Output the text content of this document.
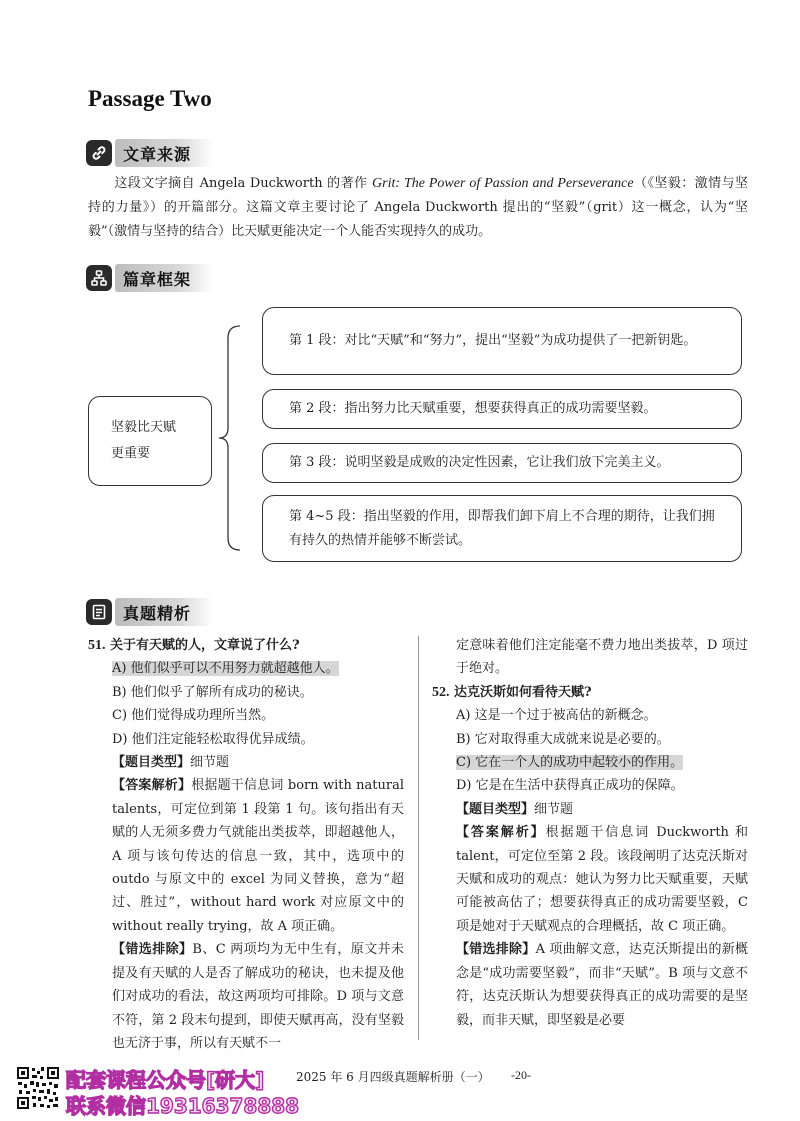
Passage Two
文章来源
这段文字摘自 Angela Duckworth 的著作 Grit: The Power of Passion and Perseverance（《坚毅：激情与坚持的力量》）的开篇部分。这篇文章主要讨论了 Angela Duckworth 提出的“坚毅”（grit）这一概念，认为“坚毅”（激情与坚持的结合）比天赋更能决定一个人能否实现持久的成功。
篇章框架
坚毅比天赋
更重要
第 1 段：对比“天赋”和“努力”，提出“坚毅”为成功提供了一把新钥匙。
第 2 段：指出努力比天赋重要，想要获得真正的成功需要坚毅。
第 3 段：说明坚毅是成败的决定性因素，它让我们放下完美主义。
第 4~5 段：指出坚毅的作用，即帮我们卸下肩上不合理的期待，让我们拥有持久的热情并能够不断尝试。
真题精析
51. 关于有天赋的人，文章说了什么?
A) 他们似乎可以不用努力就超越他人。
B) 他们似乎了解所有成功的秘诀。
C) 他们觉得成功理所当然。
D) 他们注定能轻松取得优异成绩。
【题目类型】细节题
【答案解析】根据题干信息词 born with natural talents，可定位到第 1 段第 1 句。该句指出有天赋的人无须多费力气就能出类拔萃，即超越他人，A 项与该句传达的信息一致，其中，选项中的 outdo 与原文中的 excel 为同义替换，意为“超过、胜过”，without hard work 对应原文中的 without really trying，故 A 项正确。
【错选排除】B、C 两项均为无中生有，原文并未提及有天赋的人是否了解成功的秘诀，也未提及他们对成功的看法，故这两项均可排除。D 项与文意不符，第 2 段末句提到，即使天赋再高，没有坚毅也无济于事，所以有天赋不一
定意味着他们注定能毫不费力地出类拔萃，D 项过于绝对。
52. 达克沃斯如何看待天赋?
A) 这是一个过于被高估的新概念。
B) 它对取得重大成就来说是必要的。
C) 它在一个人的成功中起较小的作用。
D) 它是在生活中获得真正成功的保障。
【题目类型】细节题
【答案解析】根据题干信息词 Duckworth 和 talent，可定位至第 2 段。该段阐明了达克沃斯对天赋和成功的观点：她认为努力比天赋重要，天赋可能被高估了；想要获得真正的成功需要坚毅，C 项是她对于天赋观点的合理概括，故 C 项正确。
【错选排除】A 项曲解文意，达克沃斯提出的新概念是“成功需要坚毅”，而非“天赋”。B 项与文意不符，达克沃斯认为想要获得真正的成功需要的是坚毅，而非天赋，即坚毅是必要
配套课程公众号[研大]
联系微信19316378888
2025 年 6 月四级真题解析册（一） -20-
